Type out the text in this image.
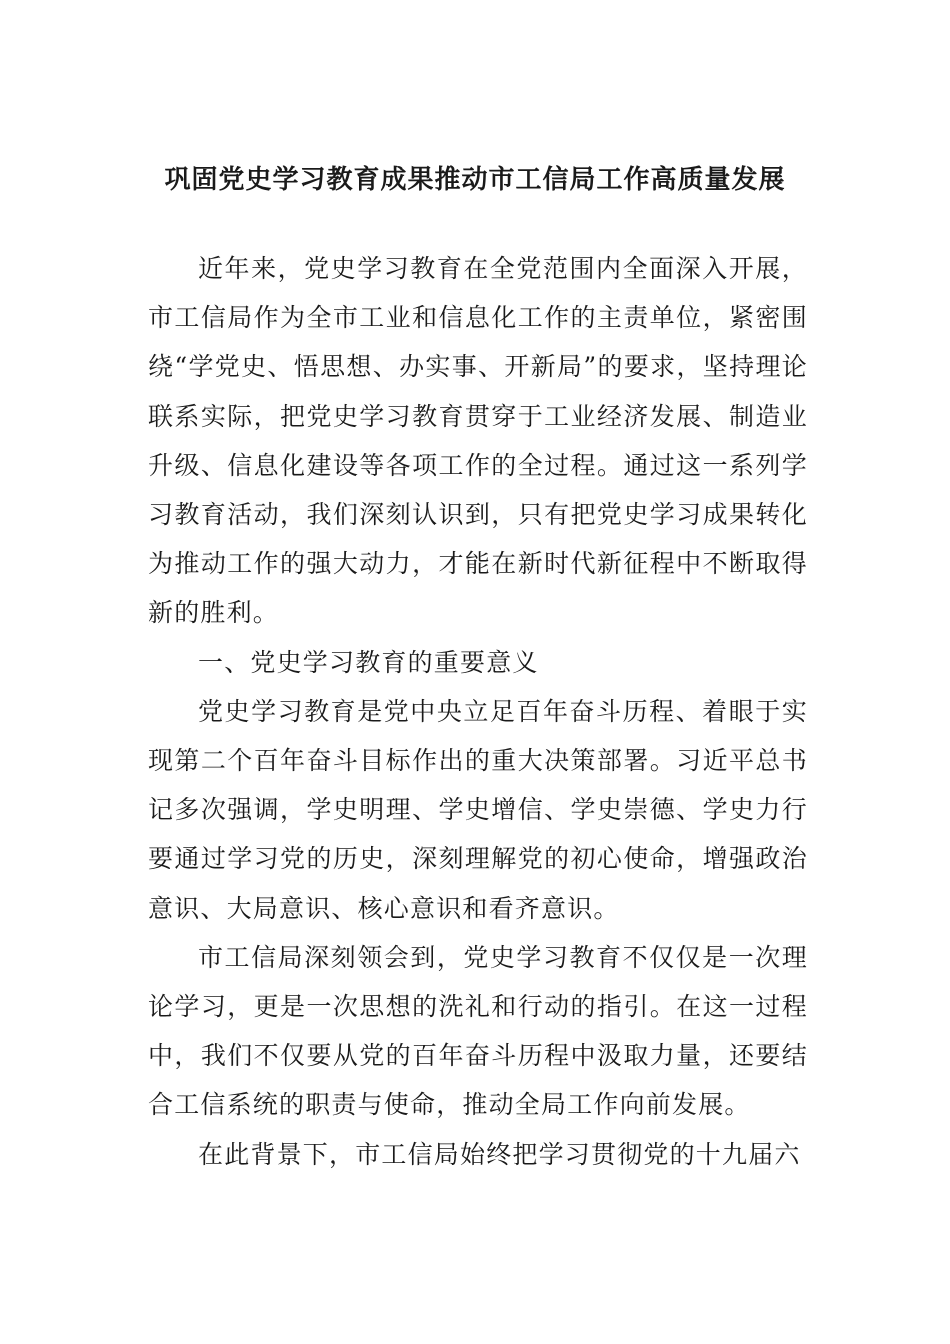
巩固党史学习教育成果推动市工信局工作高质量发展

近年来，党史学习教育在全党范围内全面深入开展，市工信局作为全市工业和信息化工作的主责单位，紧密围绕“学党史、悟思想、办实事、开新局”的要求，坚持理论联系实际，把党史学习教育贯穿于工业经济发展、制造业升级、信息化建设等各项工作的全过程。通过这一系列学习教育活动，我们深刻认识到，只有把党史学习成果转化为推动工作的强大动力，才能在新时代新征程中不断取得新的胜利。

一、党史学习教育的重要意义

党史学习教育是党中央立足百年奋斗历程、着眼于实现第二个百年奋斗目标作出的重大决策部署。习近平总书记多次强调，学史明理、学史增信、学史崇德、学史力行要通过学习党的历史，深刻理解党的初心使命，增强政治意识、大局意识、核心意识和看齐意识。

市工信局深刻领会到，党史学习教育不仅仅是一次理论学习，更是一次思想的洗礼和行动的指引。在这一过程中，我们不仅要从党的百年奋斗历程中汲取力量，还要结合工信系统的职责与使命，推动全局工作向前发展。

在此背景下，市工信局始终把学习贯彻党的十九届六
